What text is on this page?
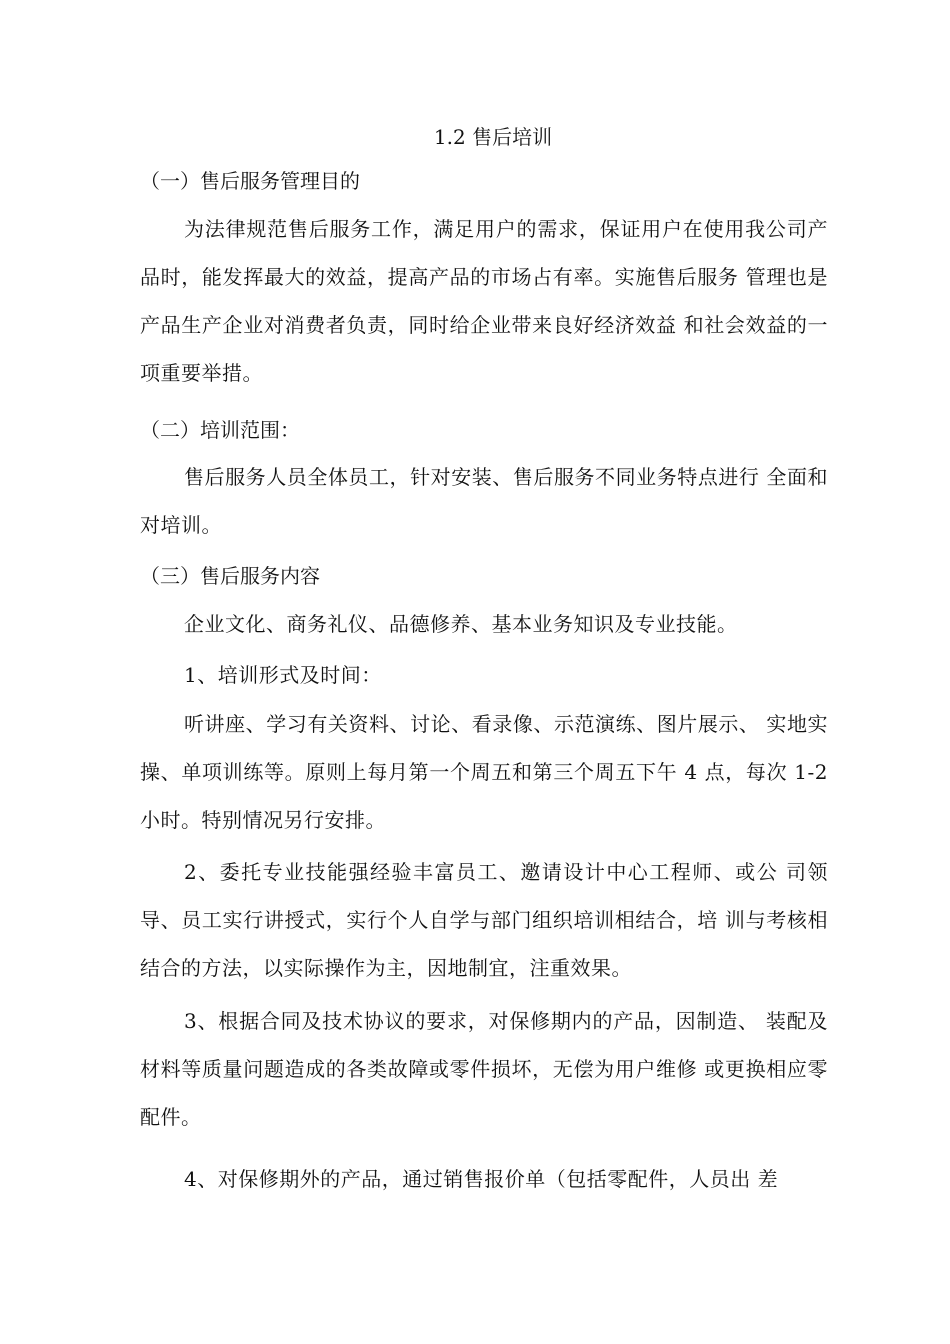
1.2 售后培训
（一）售后服务管理目的
为法律规范售后服务工作，满足用户的需求，保证用户在使用我公司产品时，能发挥最大的效益，提高产品的市场占有率。实施售后服务 管理也是产品生产企业对消费者负责，同时给企业带来良好经济效益 和社会效益的一项重要举措。
（二）培训范围：
售后服务人员全体员工，针对安装、售后服务不同业务特点进行 全面和对培训。
（三）售后服务内容
企业文化、商务礼仪、品德修养、基本业务知识及专业技能。
1、培训形式及时间：
听讲座、学习有关资料、讨论、看录像、示范演练、图片展示、 实地实操、单项训练等。原则上每月第一个周五和第三个周五下午 4 点，每次 1-2 小时。特别情况另行安排。
2、委托专业技能强经验丰富员工、邀请设计中心工程师、或公 司领导、员工实行讲授式，实行个人自学与部门组织培训相结合，培 训与考核相结合的方法，以实际操作为主，因地制宜，注重效果。
3、根据合同及技术协议的要求，对保修期内的产品，因制造、 装配及材料等质量问题造成的各类故障或零件损坏，无偿为用户维修 或更换相应零配件。
4、对保修期外的产品，通过销售报价单（包括零配件，人员出 差
